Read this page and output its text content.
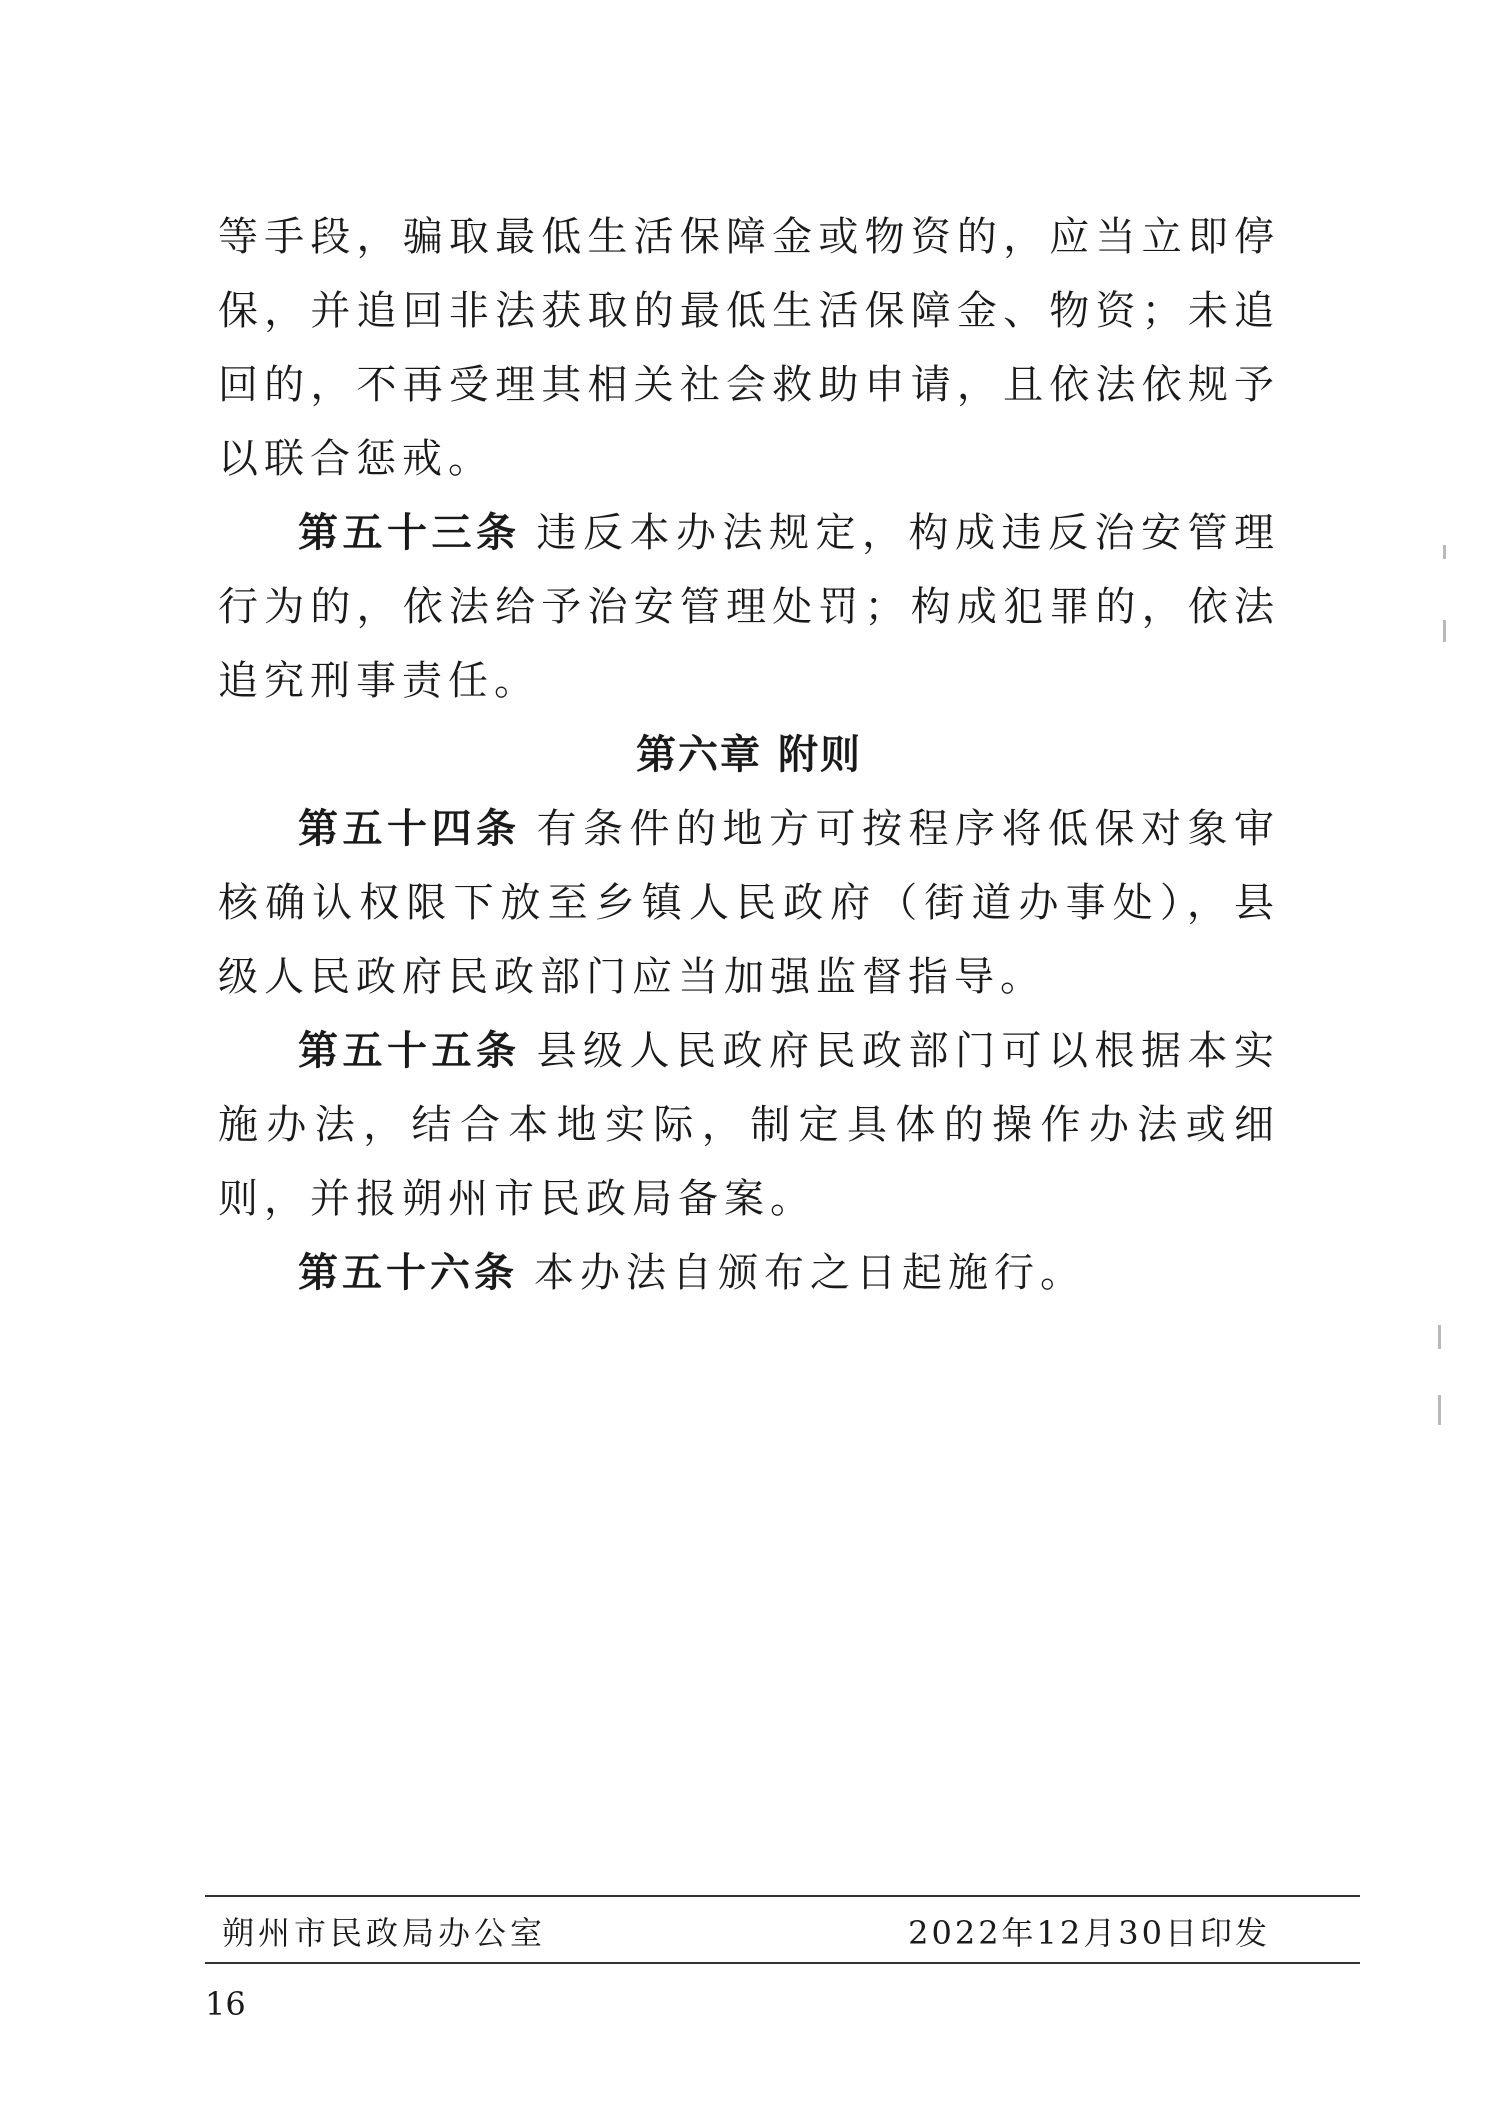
等手段，骗取最低生活保障金或物资的，应当立即停保，并追回非法获取的最低生活保障金、物资；未追回的，不再受理其相关社会救助申请，且依法依规予以联合惩戒。

第五十三条 违反本办法规定，构成违反治安管理行为的，依法给予治安管理处罚；构成犯罪的，依法追究刑事责任。

第六章 附则

第五十四条 有条件的地方可按程序将低保对象审核确认权限下放至乡镇人民政府（街道办事处），县级人民政府民政部门应当加强监督指导。

第五十五条 县级人民政府民政部门可以根据本实施办法，结合本地实际，制定具体的操作办法或细则，并报朔州市民政局备案。

第五十六条 本办法自颁布之日起施行。

朔州市民政局办公室	2022年12月30日印发
16
